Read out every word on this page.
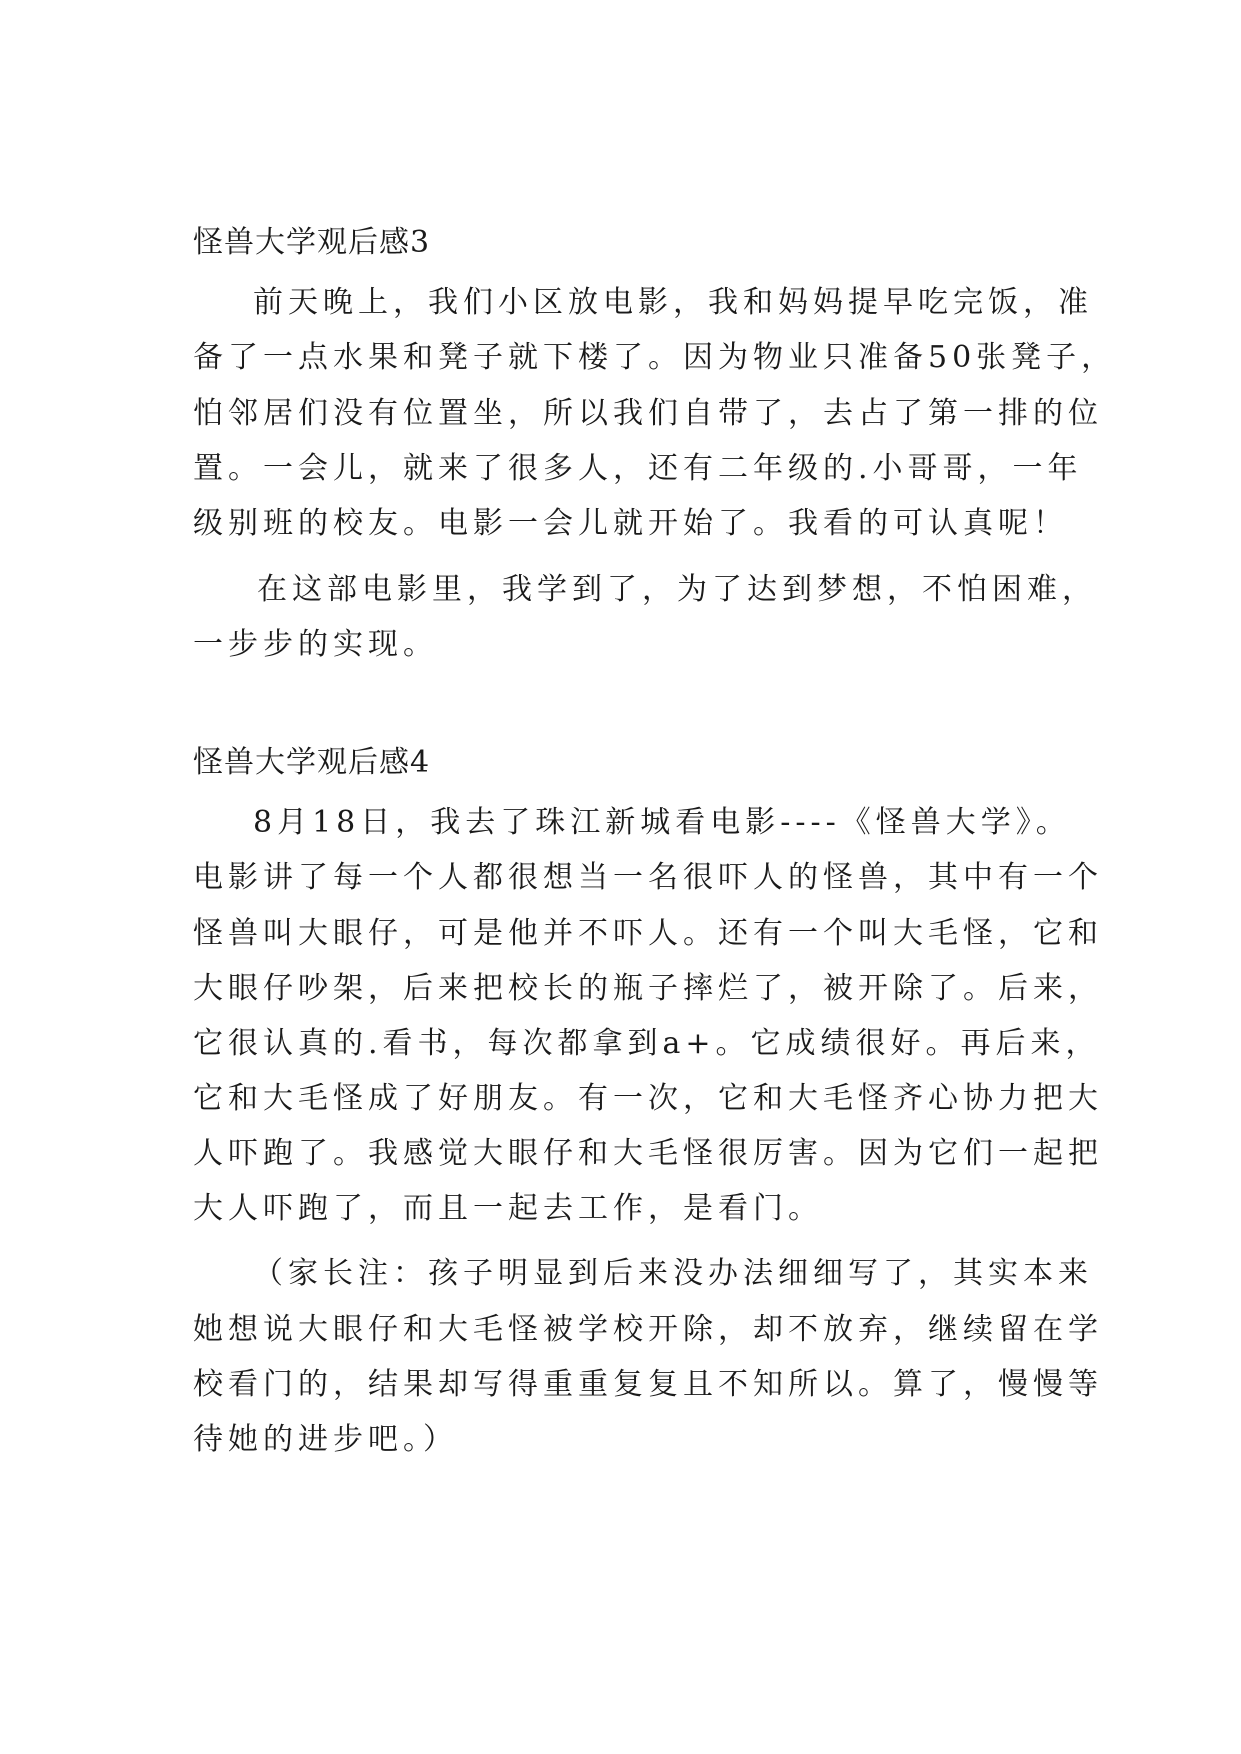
怪兽大学观后感3
前天晚上，我们小区放电影，我和妈妈提早吃完饭，准
备了一点水果和凳子就下楼了。因为物业只准备50张凳子，
怕邻居们没有位置坐，所以我们自带了，去占了第一排的位
置。一会儿，就来了很多人，还有二年级的.小哥哥，一年
级别班的校友。电影一会儿就开始了。我看的可认真呢！
在这部电影里，我学到了，为了达到梦想，不怕困难，
一步步的实现。
怪兽大学观后感4
8月18日，我去了珠江新城看电影----《怪兽大学》。
电影讲了每一个人都很想当一名很吓人的怪兽，其中有一个
怪兽叫大眼仔，可是他并不吓人。还有一个叫大毛怪，它和
大眼仔吵架，后来把校长的瓶子摔烂了，被开除了。后来，
它很认真的.看书，每次都拿到a+。它成绩很好。再后来，
它和大毛怪成了好朋友。有一次，它和大毛怪齐心协力把大
人吓跑了。我感觉大眼仔和大毛怪很厉害。因为它们一起把
大人吓跑了，而且一起去工作，是看门。
（家长注：孩子明显到后来没办法细细写了，其实本来
她想说大眼仔和大毛怪被学校开除，却不放弃，继续留在学
校看门的，结果却写得重重复复且不知所以。算了，慢慢等
待她的进步吧。）
